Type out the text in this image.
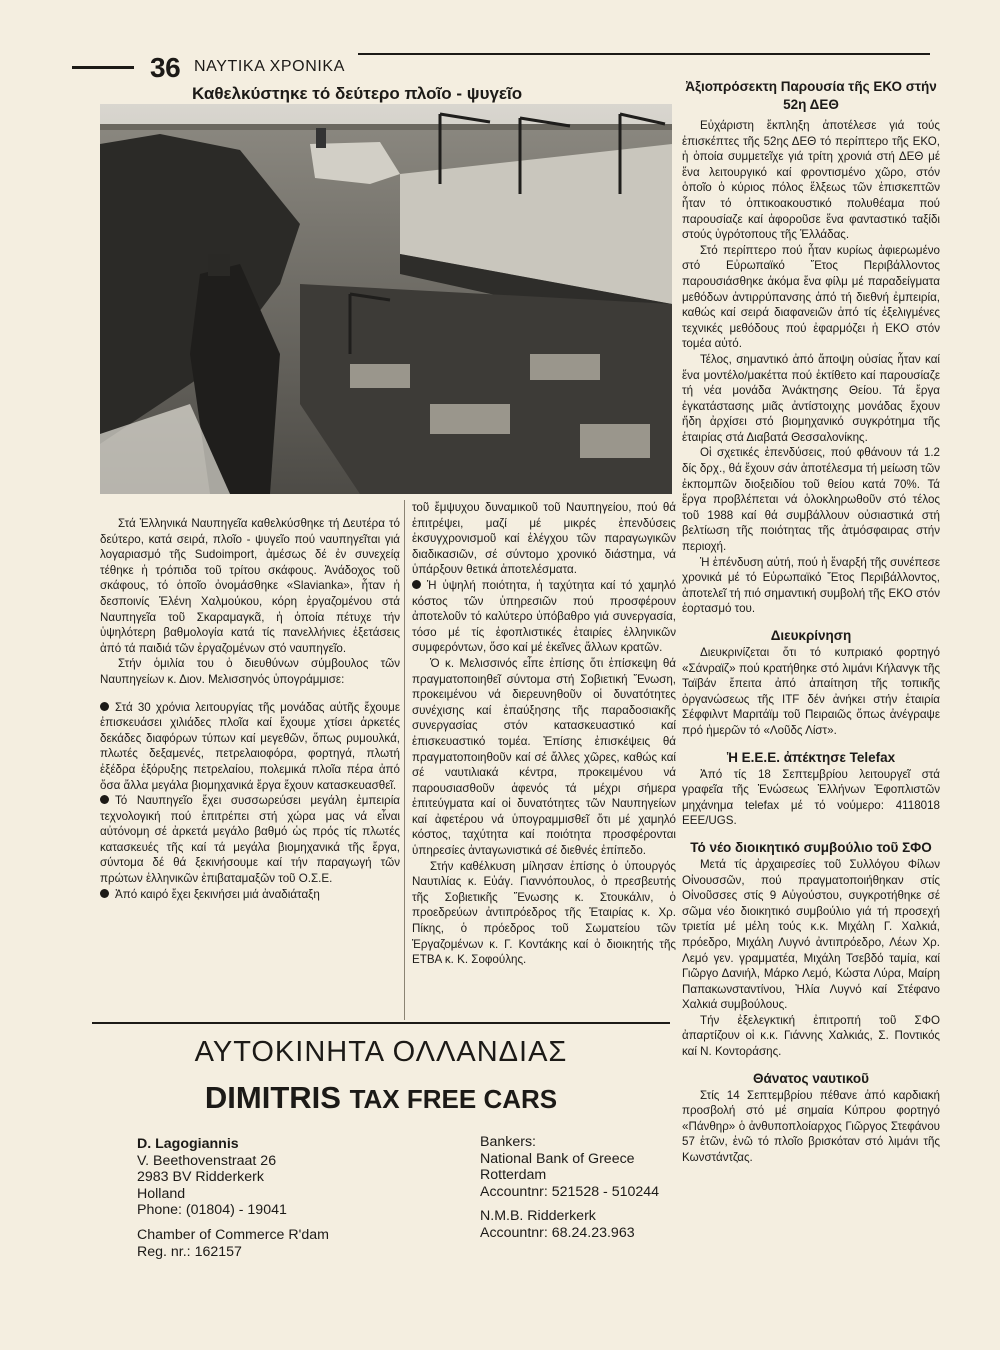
36 ΝΑΥΤΙΚΑ ΧΡΟΝΙΚΑ
Καθελκύστηκε τό δεύτερο πλοῖο - ψυγεῖο

Στά Ἑλληνικά Ναυπηγεῖα καθελκύσθηκε τή Δευτέρα τό δεύτερο, κατά σειρά, πλοῖο - ψυγεῖο πού ναυπηγεῖται γιά λογαριασμό τῆς Sudoimport, ἀμέσως δέ ἐν συνεχείᾳ τέθηκε ἡ τρόπιδα τοῦ τρίτου σκάφους. Ἀνάδοχος τοῦ σκάφους, τό ὁποῖο ὀνομάσθηκε «Slavianka», ἦταν ἡ δεσποινίς Ἑλένη Χαλμούκου, κόρη ἐργαζομένου στά Ναυπηγεῖα τοῦ Σκαραμαγκᾶ, ἡ ὁποία πέτυχε τήν ὑψηλότερη βαθμολογία κατά τίς πανελλήνιες ἐξετάσεις ἀπό τά παιδιά τῶν ἐργαζομένων στό ναυπηγεῖο.

Στήν ὁμιλία του ὁ διευθύνων σύμβουλος τῶν Ναυπηγείων κ. Διον. Μελισσηνός ὑπογράμμισε:

Στά 30 χρόνια λειτουργίας τῆς μονάδας αὐτῆς ἔχουμε ἐπισκευάσει χιλιάδες πλοῖα καί ἔχουμε χτίσει ἀρκετές δεκάδες διαφόρων τύπων καί μεγεθῶν, ὅπως ρυμουλκά, πλωτές δεξαμενές, πετρελαιοφόρα, φορτηγά, πλωτή ἐξέδρα ἐξόρυξης πετρελαίου, πολεμικά πλοῖα πέρα ἀπό ὅσα ἄλλα μεγάλα βιομηχανικά ἔργα ἔχουν κατασκευασθεῖ.

Τό Ναυπηγεῖο ἔχει συσσωρεύσει μεγάλη ἐμπειρία τεχνολογική πού ἐπιτρέπει στή χώρα μας νά εἶναι αὐτόνομη σέ ἀρκετά μεγάλο βαθμό ὡς πρός τίς πλωτές κατασκευές τῆς καί τά μεγάλα βιομηχανικά τῆς ἔργα, σύντομα δέ θά ξεκινήσουμε καί τήν παραγωγή τῶν πρώτων ἑλληνικῶν ἐπιβαταμαξῶν τοῦ Ο.Σ.Ε.

Ἀπό καιρό ἔχει ξεκινήσει μιά ἀναδιάταξη

τοῦ ἔμψυχου δυναμικοῦ τοῦ Ναυπηγείου, πού θά ἐπιτρέψει, μαζί μέ μικρές ἐπενδύσεις ἐκσυγχρονισμοῦ καί ἐλέγχου τῶν παραγωγικῶν διαδικασιῶν, σέ σύντομο χρονικό διάστημα, νά ὑπάρξουν θετικά ἀποτελέσματα.

Ἡ ὑψηλή ποιότητα, ἡ ταχύτητα καί τό χαμηλό κόστος τῶν ὑπηρεσιῶν πού προσφέρουν ἀποτελοῦν τό καλύτερο ὑπόβαθρο γιά συνεργασία, τόσο μέ τίς ἐφοπλιστικές ἑταιρίες ἑλληνικῶν συμφερόντων, ὅσο καί μέ ἐκεῖνες ἄλλων κρατῶν.

Ὁ κ. Μελισσινός εἶπε ἐπίσης ὅτι ἐπίσκεψη θά πραγματοποιηθεῖ σύντομα στή Σοβιετική Ἕνωση, προκειμένου νά διερευνηθοῦν οἱ δυνατότητες συνέχισης καί ἐπαύξησης τῆς παραδοσιακῆς συνεργασίας στόν κατασκευαστικό καί ἐπισκευαστικό τομέα. Ἐπίσης ἐπισκέψεις θά πραγματοποιηθοῦν καί σέ ἄλλες χῶρες, καθώς καί σέ ναυτιλιακά κέντρα, προκειμένου νά παρουσιασθοῦν ἀφενός τά μέχρι σήμερα ἐπιτεύγματα καί οἱ δυνατότητες τῶν Ναυπηγείων καί ἀφετέρου νά ὑπογραμμισθεῖ ὅτι μέ χαμηλό κόστος, ταχύτητα καί ποιότητα προσφέρονται ὑπηρεσίες ἀνταγωνιστικά σέ διεθνές ἐπίπεδο.

Στήν καθέλκυση μίλησαν ἐπίσης ὁ ὑπουργός Ναυτιλίας κ. Εὐάγ. Γιαννόπουλος, ὁ πρεσβευτής τῆς Σοβιετικῆς Ἕνωσης κ. Στουκάλιν, ὁ προεδρεύων ἀντιπρόεδρος τῆς Ἑταιρίας κ. Χρ. Πίκης, ὁ πρόεδρος τοῦ Σωματείου τῶν Ἐργαζομένων κ. Γ. Κοντάκης καί ὁ διοικητής τῆς ΕΤΒΑ κ. Κ. Σοφούλης.

Ἀξιοπρόσεκτη Παρουσία τῆς ΕΚΟ στήν 52η ΔΕΘ

Εὐχάριστη ἔκπληξη ἀποτέλεσε γιά τούς ἐπισκέπτες τῆς 52ης ΔΕΘ τό περίπτερο τῆς ΕΚΟ, ἡ ὁποία συμμετεῖχε γιά τρίτη χρονιά στή ΔΕΘ μέ ἕνα λειτουργικό καί φροντισμένο χῶρο, στόν ὁποῖο ὁ κύριος πόλος ἕλξεως τῶν ἐπισκεπτῶν ἦταν τό ὀπτικοακουστικό πολυθέαμα πού παρουσίαζε καί ἀφοροῦσε ἕνα φανταστικό ταξίδι στούς ὑγρότοπους τῆς Ἑλλάδας.

Στό περίπτερο πού ἦταν κυρίως ἀφιερωμένο στό Εὐρωπαϊκό Ἔτος Περιβάλλοντος παρουσιάσθηκε ἀκόμα ἕνα φίλμ μέ παραδείγματα μεθόδων ἀντιρρύπανσης ἀπό τή διεθνή ἐμπειρία, καθώς καί σειρά διαφανειῶν ἀπό τίς ἐξελιγμένες τεχνικές μεθόδους πού ἐφαρμόζει ἡ ΕΚΟ στόν τομέα αὐτό.

Τέλος, σημαντικό ἀπό ἄποψη οὐσίας ἦταν καί ἕνα μοντέλο/μακέττα πού ἐκτίθετο καί παρουσίαζε τή νέα μονάδα Ἀνάκτησης Θείου. Τά ἔργα ἐγκατάστασης μιᾶς ἀντίστοιχης μονάδας ἔχουν ἤδη ἀρχίσει στό βιομηχανικό συγκρότημα τῆς ἑταιρίας στά Διαβατά Θεσσαλονίκης.

Οἱ σχετικές ἐπενδύσεις, πού φθάνουν τά 1.2 δίς δρχ., θά ἔχουν σάν ἀποτέλεσμα τή μείωση τῶν ἐκπομπῶν διοξειδίου τοῦ θείου κατά 70%. Τά ἔργα προβλέπεται νά ὁλοκληρωθοῦν στό τέλος τοῦ 1988 καί θά συμβάλλουν οὐσιαστικά στή βελτίωση τῆς ποιότητας τῆς ἀτμόσφαιρας στήν περιοχή.

Ἡ ἐπένδυση αὐτή, πού ἡ ἔναρξή τῆς συνέπεσε χρονικά μέ τό Εὐρωπαϊκό Ἔτος Περιβάλλοντος, ἀποτελεῖ τή πιό σημαντική συμβολή τῆς ΕΚΟ στόν ἑορτασμό του.

Διευκρίνηση

Διευκρινίζεται ὅτι τό κυπριακό φορτηγό «Σάνραϊζ» πού κρατήθηκε στό λιμάνι Κήλανγκ τῆς Ταϊβάν ἔπειτα ἀπό ἀπαίτηση τῆς τοπικῆς ὀργανώσεως τῆς ITF δέν ἀνήκει στήν ἑταιρία Σέφφιλντ Μαριτάϊμ τοῦ Πειραιῶς ὅπως ἀνέγραψε πρό ἡμερῶν τό «Λοῦδς Λίστ».

Ἡ Ε.Ε.Ε. ἀπέκτησε Telefax

Ἀπό τίς 18 Σεπτεμβρίου λειτουργεῖ στά γραφεῖα τῆς Ἑνώσεως Ἑλλήνων Ἐφοπλιστῶν μηχάνημα telefax μέ τό νούμερο: 4118018 EEE/UGS.

Τό νέο διοικητικό συμβούλιο τοῦ ΣΦΟ

Μετά τίς ἀρχαιρεσίες τοῦ Συλλόγου Φίλων Οἰνουσσῶν, πού πραγματοποιήθηκαν στίς Οἰνοῦσσες στίς 9 Αὐγούστου, συγκροτήθηκε σέ σῶμα νέο διοικητικό συμβούλιο γιά τή προσεχή τριετία μέ μέλη τούς κ.κ. Μιχάλη Γ. Χαλκιά, πρόεδρο, Μιχάλη Λυγνό ἀντιπρόεδρο, Λέων Χρ. Λεμό γεν. γραμματέα, Μιχάλη Τσεβδό ταμία, καί Γιῶργο Δανιήλ, Μάρκο Λεμό, Κώστα Λύρα, Μαίρη Παπακωνσταντίνου, Ἠλία Λυγνό καί Στέφανο Χαλκιά συμβούλους.

Τήν ἐξελεγκτική ἐπιτροπή τοῦ ΣΦΟ ἀπαρτίζουν οἱ κ.κ. Γιάννης Χαλκιάς, Σ. Ποντικός καί Ν. Κοντοράσης.

Θάνατος ναυτικοῦ

Στίς 14 Σεπτεμβρίου πέθανε ἀπό καρδιακή προσβολή στό μέ σημαία Κύπρου φορτηγό «Πάνθηρ» ὁ ἀνθυποπλοίαρχος Γιῶργος Στεφάνου 57 ἐτῶν, ἐνῶ τό πλοῖο βρισκόταν στό λιμάνι τῆς Κωνστάντζας.

ΑΥΤΟΚΙΝΗΤΑ ΟΛΛΑΝΔΙΑΣ
DIMITRIS TAX FREE CARS
D. Lagogiannis
V. Beethovenstraat 26
2983 BV Ridderkerk
Holland
Phone: (01804) - 19041
Chamber of Commerce R'dam
Reg. nr.: 162157
Bankers:
National Bank of Greece
Rotterdam
Accountnr: 521528 - 510244
N.M.B. Ridderkerk
Accountnr: 68.24.23.963
